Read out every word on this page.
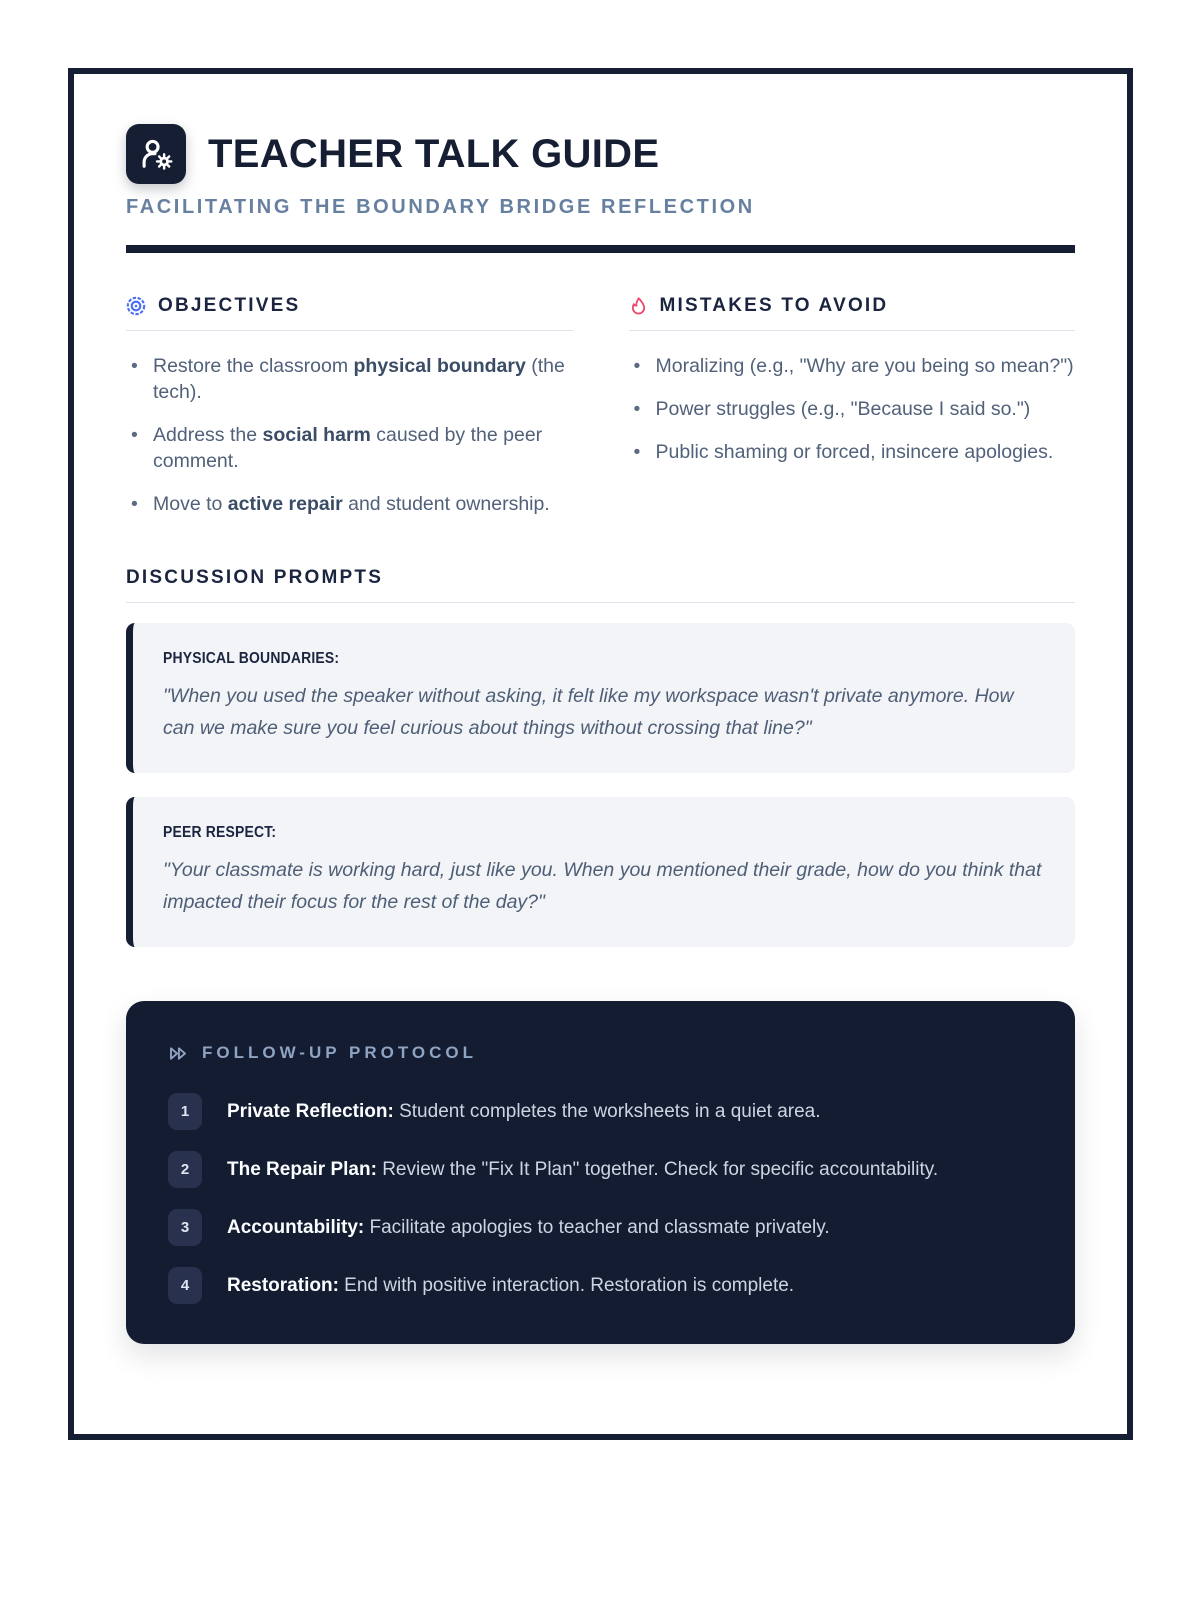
TEACHER TALK GUIDE
FACILITATING THE BOUNDARY BRIDGE REFLECTION
OBJECTIVES
• Restore the classroom physical boundary (the tech).
• Address the social harm caused by the peer comment.
• Move to active repair and student ownership.
MISTAKES TO AVOID
• Moralizing (e.g., "Why are you being so mean?")
• Power struggles (e.g., "Because I said so.")
• Public shaming or forced, insincere apologies.
DISCUSSION PROMPTS
PHYSICAL BOUNDARIES:
"When you used the speaker without asking, it felt like my workspace wasn't private anymore. How can we make sure you feel curious about things without crossing that line?"
PEER RESPECT:
"Your classmate is working hard, just like you. When you mentioned their grade, how do you think that impacted their focus for the rest of the day?"
FOLLOW-UP PROTOCOL
1	Private Reflection: Student completes the worksheets in a quiet area.
2	The Repair Plan: Review the "Fix It Plan" together. Check for specific accountability.
3	Accountability: Facilitate apologies to teacher and classmate privately.
4	Restoration: End with positive interaction. Restoration is complete.
